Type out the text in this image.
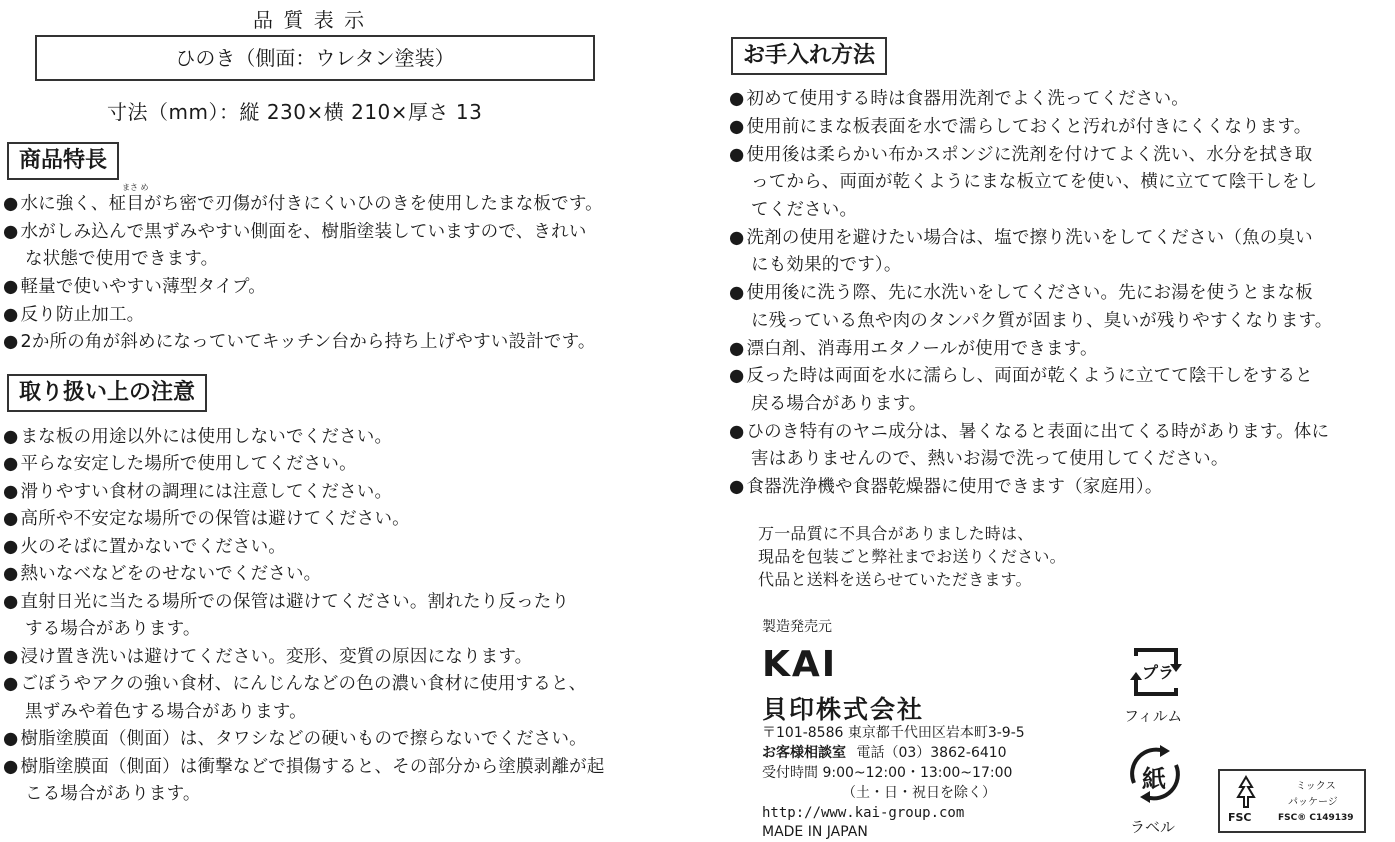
品 質 表 示
ひのき（側面：ウレタン塗装）
寸法（mm）：縦 230×横 210×厚さ 13
商品特長
まさ め
● 水に強く、柾目がち密で刃傷が付きにくいひのきを使用したまな板です。
● 水がしみ込んで黒ずみやすい側面を、樹脂塗装していますので、きれい
な状態で使用できます。
● 軽量で使いやすい薄型タイプ。
● 反り防止加工。
● 2か所の角が斜めになっていてキッチン台から持ち上げやすい設計です。
取り扱い上の注意
● まな板の用途以外には使用しないでください。
● 平らな安定した場所で使用してください。
● 滑りやすい食材の調理には注意してください。
● 高所や不安定な場所での保管は避けてください。
● 火のそばに置かないでください。
● 熱いなべなどをのせないでください。
● 直射日光に当たる場所での保管は避けてください。割れたり反ったり
する場合があります。
● 浸け置き洗いは避けてください。変形、変質の原因になります。
● ごぼうやアクの強い食材、にんじんなどの色の濃い食材に使用すると、
黒ずみや着色する場合があります。
● 樹脂塗膜面（側面）は、タワシなどの硬いもので擦らないでください。
● 樹脂塗膜面（側面）は衝撃などで損傷すると、その部分から塗膜剥離が起
こる場合があります。
お手入れ方法
● 初めて使用する時は食器用洗剤でよく洗ってください。
● 使用前にまな板表面を水で濡らしておくと汚れが付きにくくなります。
● 使用後は柔らかい布かスポンジに洗剤を付けてよく洗い、水分を拭き取
ってから、両面が乾くようにまな板立てを使い、横に立てて陰干しをし
てください。
● 洗剤の使用を避けたい場合は、塩で擦り洗いをしてください（魚の臭い
にも効果的です）。
● 使用後に洗う際、先に水洗いをしてください。先にお湯を使うとまな板
に残っている魚や肉のタンパク質が固まり、臭いが残りやすくなります。
● 漂白剤、消毒用エタノールが使用できます。
● 反った時は両面を水に濡らし、両面が乾くように立てて陰干しをすると
戻る場合があります。
● ひのき特有のヤニ成分は、暑くなると表面に出てくる時があります。体に
害はありませんので、熱いお湯で洗って使用してください。
● 食器洗浄機や食器乾燥器に使用できます（家庭用）。
万一品質に不具合がありました時は、
現品を包装ごと弊社までお送りください。
代品と送料を送らせていただきます。
製造発売元
KAI
貝印株式会社
〒101-8586 東京都千代田区岩本町3-9-5
お客様相談室 電話（03）3862-6410
受付時間 9:00~12:00・13:00~17:00
（土・日・祝日を除く）
http://www.kai-group.com
MADE IN JAPAN
プラ
フィルム
紙
ラベル
FSC
ミックス
パッケージ
FSC® C149139
